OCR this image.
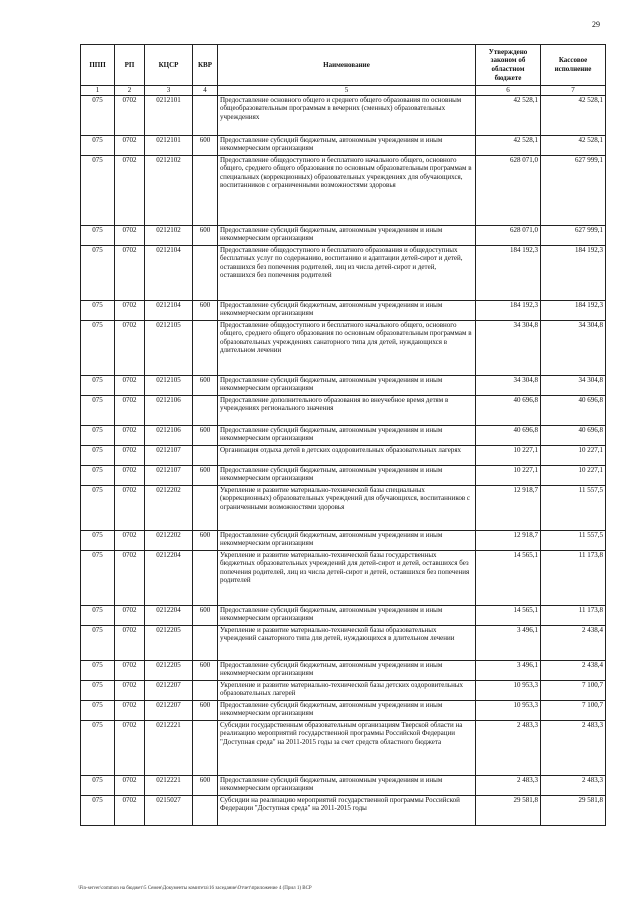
29
ППП	РП	КЦСР	КВР	Наименование	Утверждено законом об областном бюджете	Кассовое исполнение
1	2	3	4	5	6	7
075	0702	0212101		Предоставление основного общего и среднего общего образования по основным общеобразовательным программам в вечерних (сменных) образовательных учреждениях	42 528,1	42 528,1
075	0702	0212101	600	Предоставление субсидий бюджетным, автономным учреждениям и иным некоммерческим организациям	42 528,1	42 528,1
075	0702	0212102		Предоставление общедоступного и бесплатного начального общего, основного общего, среднего общего образования по основным образовательным программам в специальных (коррекционных) образовательных учреждениях для обучающихся, воспитанников с ограниченными возможностями здоровья	628 071,0	627 999,1
075	0702	0212102	600	Предоставление субсидий бюджетным, автономным учреждениям и иным некоммерческим организациям	628 071,0	627 999,1
075	0702	0212104		Предоставление общедоступного и бесплатного образования и общедоступных бесплатных услуг по содержанию, воспитанию и адаптации детей-сирот и детей, оставшихся без попечения родителей, лиц из числа детей-сирот и детей, оставшихся без попечения родителей	184 192,3	184 192,3
075	0702	0212104	600	Предоставление субсидий бюджетным, автономным учреждениям и иным некоммерческим организациям	184 192,3	184 192,3
075	0702	0212105		Предоставление общедоступного и бесплатного начального общего, основного общего, среднего общего образования по основным образовательным программам в образовательных учреждениях санаторного типа для детей, нуждающихся в длительном лечении	34 304,8	34 304,8
075	0702	0212105	600	Предоставление субсидий бюджетным, автономным учреждениям и иным некоммерческим организациям	34 304,8	34 304,8
075	0702	0212106		Предоставление дополнительного образования во внеучебное время детям в учреждениях регионального значения	40 696,8	40 696,8
075	0702	0212106	600	Предоставление субсидий бюджетным, автономным учреждениям и иным некоммерческим организациям	40 696,8	40 696,8
075	0702	0212107		Организация отдыха детей в детских оздоровительных образовательных лагерях	10 227,1	10 227,1
075	0702	0212107	600	Предоставление субсидий бюджетным, автономным учреждениям и иным некоммерческим организациям	10 227,1	10 227,1
075	0702	0212202		Укрепление и развитие материально-технической базы специальных (коррекционных) образовательных учреждений для обучающихся, воспитанников с ограниченными возможностями здоровья	12 918,7	11 557,5
075	0702	0212202	600	Предоставление субсидий бюджетным, автономным учреждениям и иным некоммерческим организациям	12 918,7	11 557,5
075	0702	0212204		Укрепление и развитие материально-технической базы государственных бюджетных образовательных учреждений для детей-сирот и детей, оставшихся без попечения родителей, лиц из числа детей-сирот и детей, оставшихся без попечения родителей	14 565,1	11 173,8
075	0702	0212204	600	Предоставление субсидий бюджетным, автономным учреждениям и иным некоммерческим организациям	14 565,1	11 173,8
075	0702	0212205		Укрепление и развитие материально-технической базы образовательных учреждений санаторного типа для детей, нуждающихся в длительном лечении	3 496,1	2 438,4
075	0702	0212205	600	Предоставление субсидий бюджетным, автономным учреждениям и иным некоммерческим организациям	3 496,1	2 438,4
075	0702	0212207		Укрепление и развитие материально-технической базы детских оздоровительных образовательных лагерей	10 953,3	7 100,7
075	0702	0212207	600	Предоставление субсидий бюджетным, автономным учреждениям и иным некоммерческим организациям	10 953,3	7 100,7
075	0702	0212221		Субсидии государственным образовательным организациям Тверской области на реализацию мероприятий государственной программы Российской Федерации "Доступная среда" на 2011-2015 годы за счет средств областного бюджета	2 483,3	2 483,3
075	0702	0212221	600	Предоставление субсидий бюджетным, автономным учреждениям и иным некоммерческим организациям	2 483,3	2 483,3
075	0702	0215027		Субсидии на реализацию мероприятий государственной программы Российской Федерации "Доступная среда" на 2011-2015 годы	29 581,8	29 581,8
\Fin-server\common на бюджет\5 Семен\Документы комитета\16 заседание\Отчет\приложение 4 (Прил 1) ВСР
